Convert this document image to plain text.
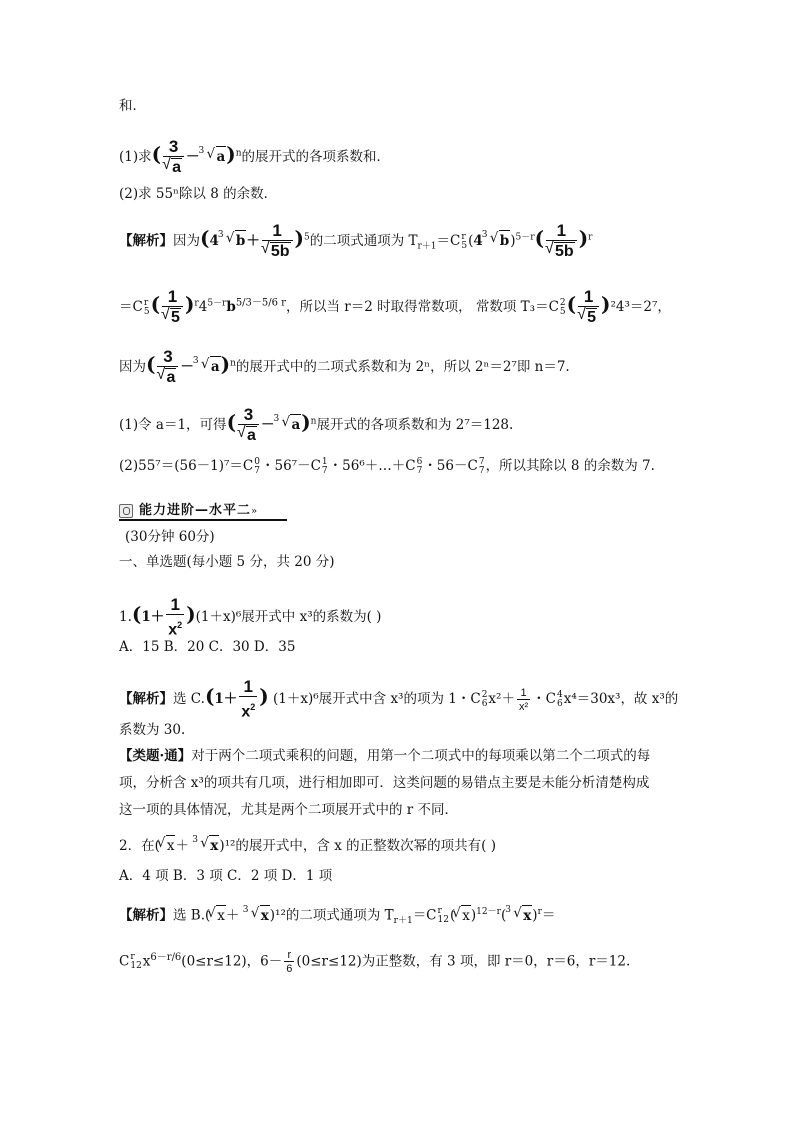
和．
(1)求( 3
√ a － 3 √ a)$^n$的展开式的各项系数和．
(2)求 55ⁿ除以 8 的余数．
【解析】因为(4 3 √ b＋ 1
√ 5b )$^5$的二项式通项为 $T_{r+1}=C$ r
5 (4 3 √ b)$^{5-r}$( 1
√ 5b )$^r$
＝C r
5 ( 1
√ 5 )$^r4^{5-r}b^{5/3-5/6 r}$，所以当 r＝2 时取得常数项， 常数项 T₃＝C 2
5 ( 1
√ 5 )²4³＝2⁷，
因为( 3
√ a － 3 √ a)$^n$的展开式中的二项式系数和为 2ⁿ，所以 2ⁿ＝2⁷即 n＝7.
(1)令 a＝1，可得( 3
√ a － 3 √ a)$^n$展开式的各项系数和为 2⁷＝128.
(2)55⁷＝(56－1)⁷＝C 0
7 ・56⁷－C 1
7 ・56⁶＋…＋C 6
7 ・56－C 7
7 ，所以其除以 8 的余数为 7.
能力进阶—水平二»
(30分钟 60分)
一、单选题(每小题 5 分，共 20 分)
$1.(1+ \frac{1}{x^2} )(1+x)^6$展开式中 x³的系数为( )
A．15 B．20 C．30 D．35
【解析】选 $C.(1+ \frac{1}{x^2}$ ) (1＋x)⁶展开式中含 x³的项为 1・C 2
6 $x^2+ \frac{1}{\text{x²}}$ ・C 4
6 x⁴＝30x³，故 x³的
系数为 30.
【类题·通】对于两个二项式乘积的问题，用第一个二项式中的每项乘以第二个二项式的每
项，分析含 x³的项共有几项，进行相加即可．这类问题的易错点主要是未能分析清楚构成
这一项的具体情况，尤其是两个二项展开式中的 r 不同．
2．在( √ x＋ 3 √ x)¹²的展开式中，含 x 的正整数次幂的项共有( )
A．4 项 B．3 项 C．2 项 D．1 项
【解析】选 B.( √ x＋ 3 √ x)¹²的二项式通项为 $T_{r+1}=C$ r
12 ( √ x)$^{12-r}$( 3 √ x)$^r$＝
C r
12 $x^{6-r/6}(0\le r\le 12)$，$6- \frac{r}{6} (0\le r\le 12)$为正整数，有 3 项，即 r＝0，r＝6，r＝12.
